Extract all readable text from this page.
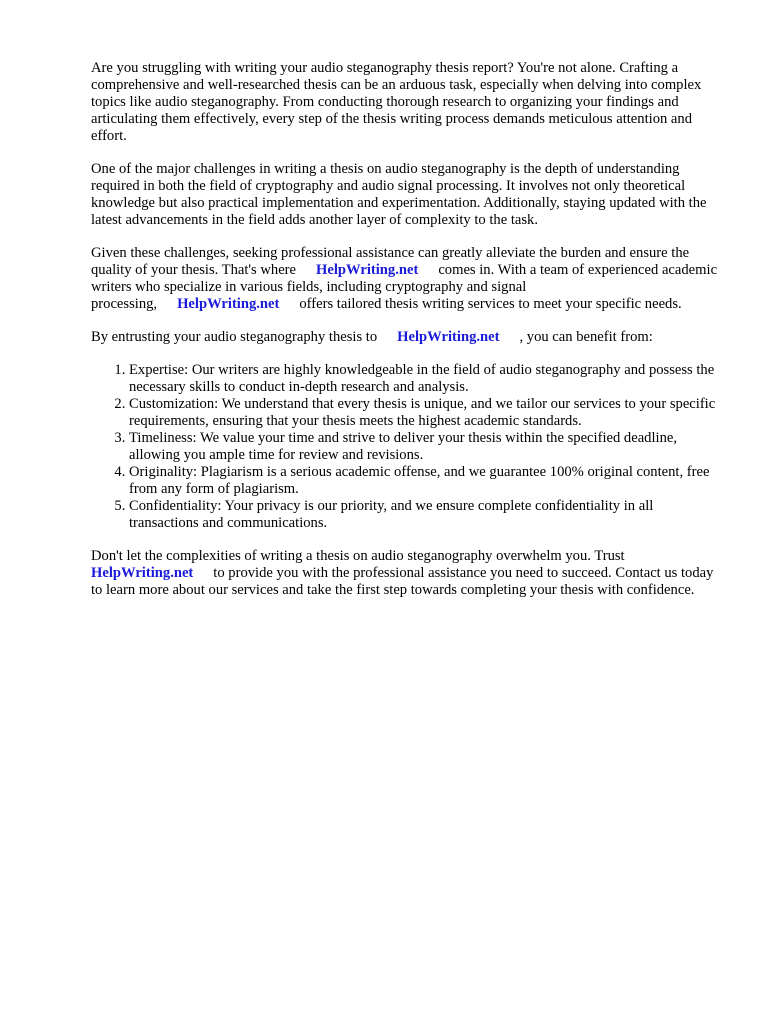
Are you struggling with writing your audio steganography thesis report? You're not alone. Crafting a comprehensive and well-researched thesis can be an arduous task, especially when delving into complex topics like audio steganography. From conducting thorough research to organizing your findings and articulating them effectively, every step of the thesis writing process demands meticulous attention and effort.

One of the major challenges in writing a thesis on audio steganography is the depth of understanding required in both the field of cryptography and audio signal processing. It involves not only theoretical knowledge but also practical implementation and experimentation. Additionally, staying updated with the latest advancements in the field adds another layer of complexity to the task.

Given these challenges, seeking professional assistance can greatly alleviate the burden and ensure the quality of your thesis. That's where HelpWriting.net comes in. With a team of experienced academic writers who specialize in various fields, including cryptography and signal processing, HelpWriting.net offers tailored thesis writing services to meet your specific needs.

By entrusting your audio steganography thesis to HelpWriting.net , you can benefit from:

1. Expertise: Our writers are highly knowledgeable in the field of audio steganography and possess the necessary skills to conduct in-depth research and analysis.
2. Customization: We understand that every thesis is unique, and we tailor our services to your specific requirements, ensuring that your thesis meets the highest academic standards.
3. Timeliness: We value your time and strive to deliver your thesis within the specified deadline, allowing you ample time for review and revisions.
4. Originality: Plagiarism is a serious academic offense, and we guarantee 100% original content, free from any form of plagiarism.
5. Confidentiality: Your privacy is our priority, and we ensure complete confidentiality in all transactions and communications.

Don't let the complexities of writing a thesis on audio steganography overwhelm you. Trust HelpWriting.net to provide you with the professional assistance you need to succeed. Contact us today to learn more about our services and take the first step towards completing your thesis with confidence.
